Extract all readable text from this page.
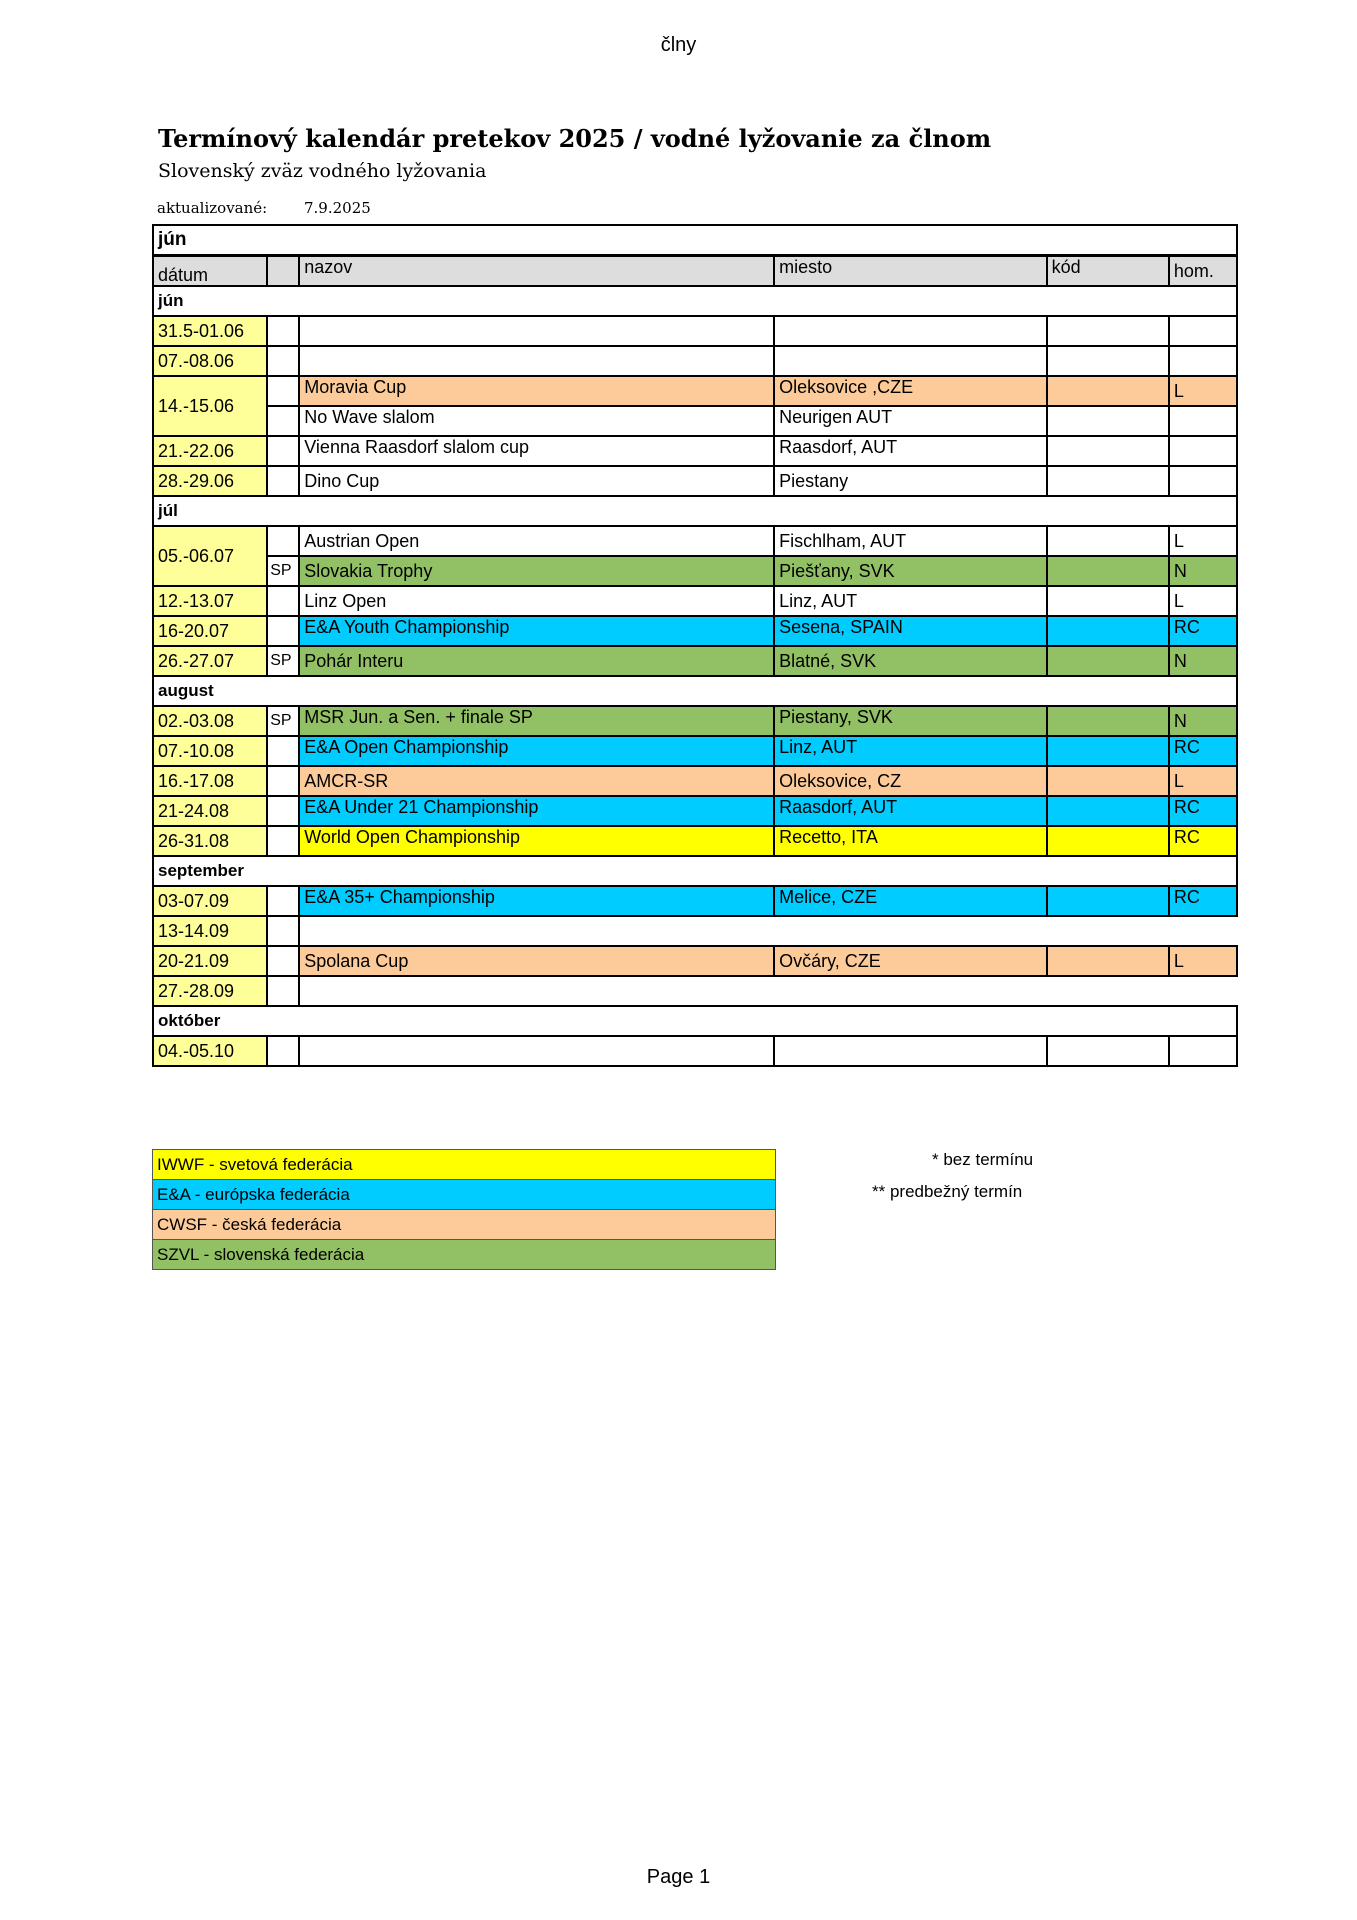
člny
Termínový kalendár pretekov 2025 / vodné lyžovanie za člnom
Slovenský zväz vodného lyžovania
aktualizované: 7.9.2025
jún					
dátum		nazov	miesto	kód	hom.
jún					
31.5-01.06					
07.-08.06					
14.-15.06		Moravia Cup	Oleksovice ,CZE		L
		No Wave slalom	Neurigen AUT		
21.-22.06		Vienna Raasdorf slalom cup	Raasdorf, AUT		
28.-29.06		Dino Cup	Piestany		
júl					
05.-06.07		Austrian Open	Fischlham, AUT		L
	SP	Slovakia Trophy	Piešťany, SVK		N
12.-13.07		Linz Open	Linz, AUT		L
16-20.07		E&A Youth Championship	Sesena, SPAIN		RC
26.-27.07	SP	Pohár Interu	Blatné, SVK		N
august					
02.-03.08	SP	MSR Jun. a Sen. + finale SP	Piestany, SVK		N
07.-10.08		E&A Open Championship	Linz, AUT		RC
16.-17.08		AMCR-SR	Oleksovice, CZ		L
21-24.08		E&A Under 21 Championship	Raasdorf, AUT		RC
26-31.08		World Open Championship	Recetto, ITA		RC
september					
03-07.09		E&A 35+ Championship	Melice, CZE		RC
13-14.09					
20-21.09		Spolana Cup	Ovčáry, CZE		L
27.-28.09					
október					
04.-05.10					
IWWF - svetová federácia
E&A - európska federácia
CWSF - česká federácia
SZVL - slovenská federácia
* bez termínu
** predbežný termín
Page 1
